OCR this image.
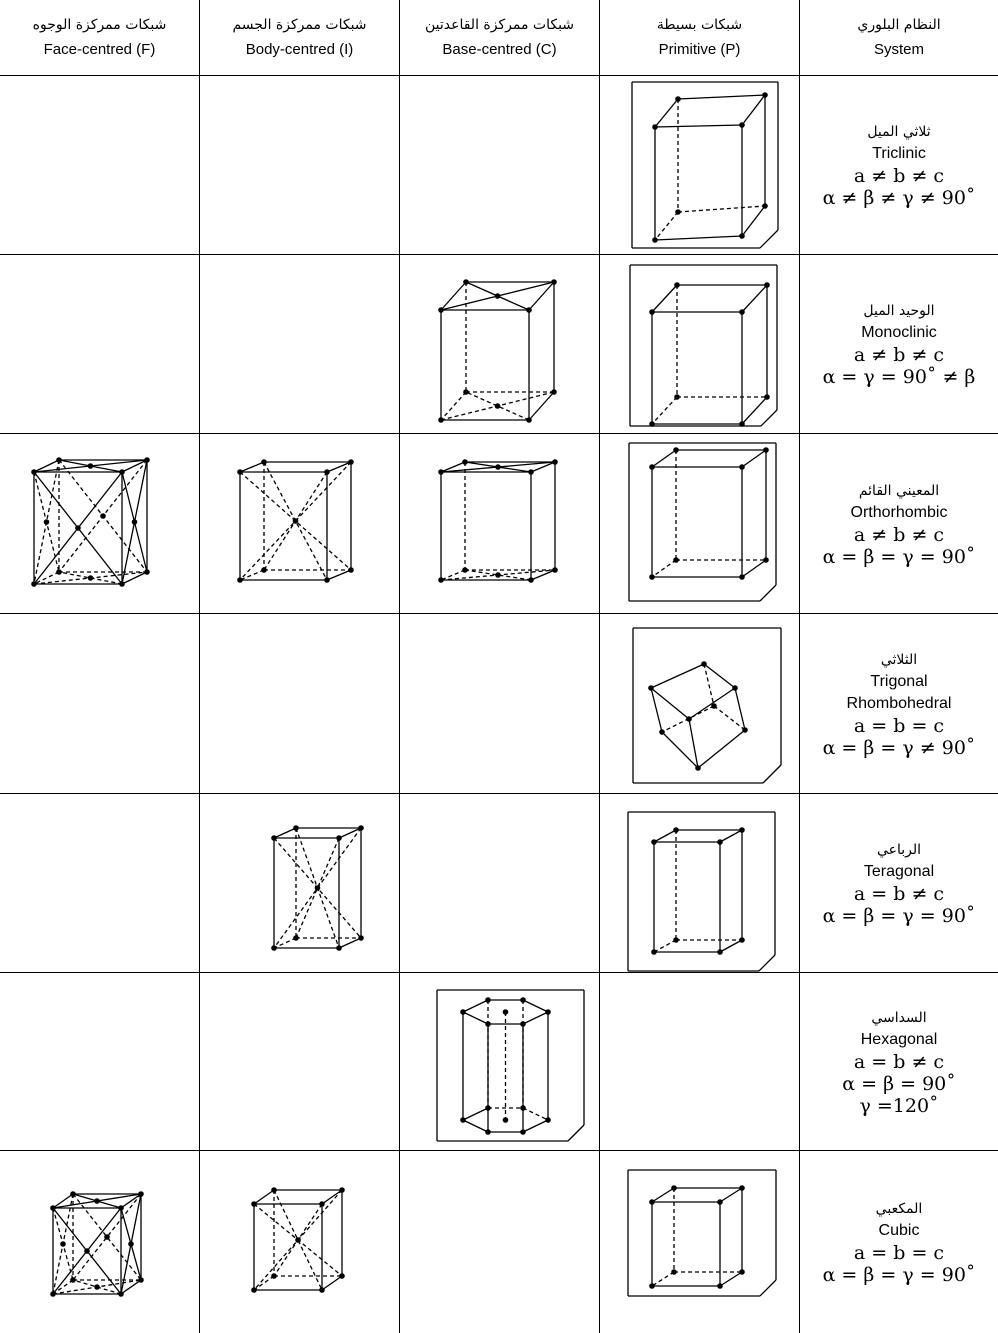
شبكات ممركزة الوجوه
Face-centred (F)
شبكات ممركزة الجسم
Body-centred (I)
شبكات ممركزة القاعدتين
Base-centred (C)
شبكات بسيطة
Primitive (P)
النظام البلوري
System
ثلاثي الميل
Triclinic
a ≠ b ≠ c
α ≠ β ≠ γ ≠ 90˚
الوحيد الميل
Monoclinic
a ≠ b ≠ c
α = γ = 90˚ ≠ β
المعيني القائم
Orthorhombic
a ≠ b ≠ c
α = β = γ = 90˚
الثلاثي
Trigonal
Rhombohedral
a = b = c
α = β = γ ≠ 90˚
الرباعي
Teragonal
a = b ≠ c
α = β = γ = 90˚
السداسي
Hexagonal
a = b ≠ c
α = β = 90˚
γ =120˚
المكعبي
Cubic
a = b = c
α = β = γ = 90˚
